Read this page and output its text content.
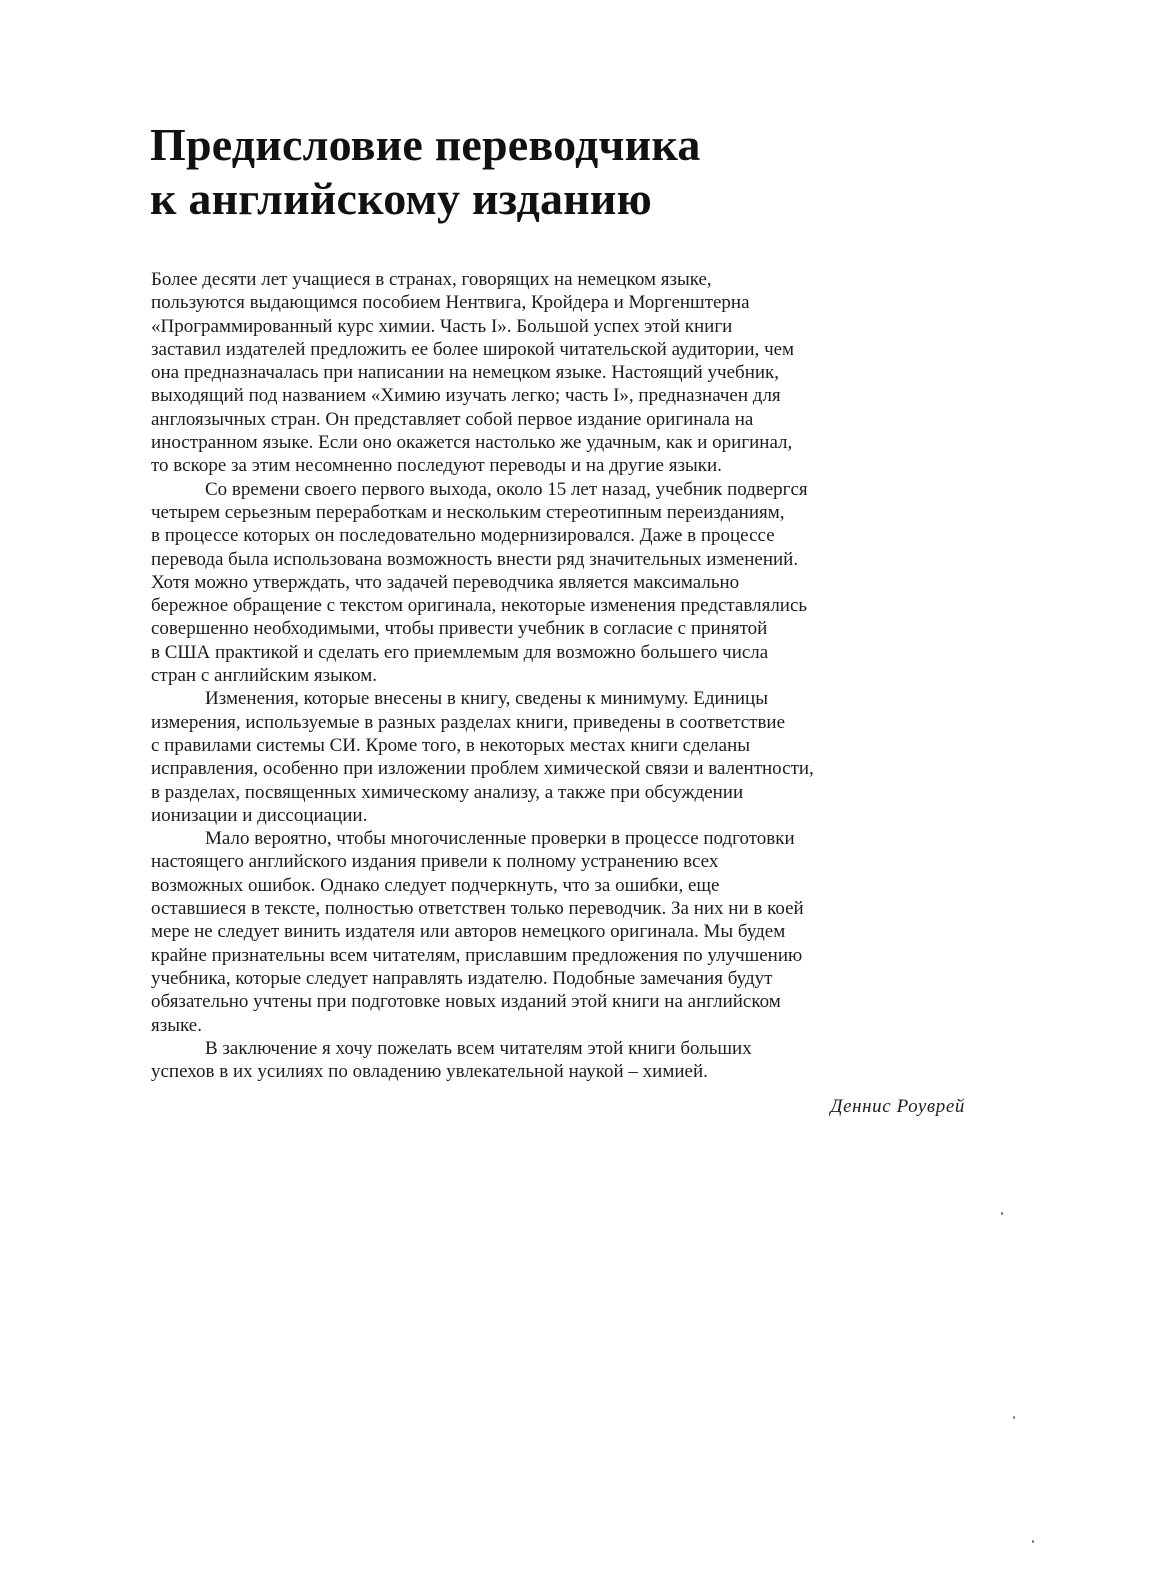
Предисловие переводчика
к английскому изданию
Более десяти лет учащиеся в странах, говорящих на немецком языке,
пользуются выдающимся пособием Нентвига, Кройдера и Моргенштерна
«Программированный курс химии. Часть I». Большой успех этой книги
заставил издателей предложить ее более широкой читательской аудитории, чем
она предназначалась при написании на немецком языке. Настоящий учебник,
выходящий под названием «Химию изучать легко; часть I», предназначен для
англоязычных стран. Он представляет собой первое издание оригинала на
иностранном языке. Если оно окажется настолько же удачным, как и оригинал,
то вскоре за этим несомненно последуют переводы и на другие языки.
Со времени своего первого выхода, около 15 лет назад, учебник подвергся
четырем серьезным переработкам и нескольким стереотипным переизданиям,
в процессе которых он последовательно модернизировался. Даже в процессе
перевода была использована возможность внести ряд значительных изменений.
Хотя можно утверждать, что задачей переводчика является максимально
бережное обращение с текстом оригинала, некоторые изменения представлялись
совершенно необходимыми, чтобы привести учебник в согласие с принятой
в США практикой и сделать его приемлемым для возможно большего числа
стран с английским языком.
Изменения, которые внесены в книгу, сведены к минимуму. Единицы
измерения, используемые в разных разделах книги, приведены в соответствие
с правилами системы СИ. Кроме того, в некоторых местах книги сделаны
исправления, особенно при изложении проблем химической связи и валентности,
в разделах, посвященных химическому анализу, а также при обсуждении
ионизации и диссоциации.
Мало вероятно, чтобы многочисленные проверки в процессе подготовки
настоящего английского издания привели к полному устранению всех
возможных ошибок. Однако следует подчеркнуть, что за ошибки, еще
оставшиеся в тексте, полностью ответствен только переводчик. За них ни в коей
мере не следует винить издателя или авторов немецкого оригинала. Мы будем
крайне признательны всем читателям, приславшим предложения по улучшению
учебника, которые следует направлять издателю. Подобные замечания будут
обязательно учтены при подготовке новых изданий этой книги на английском
языке.
В заключение я хочу пожелать всем читателям этой книги больших
успехов в их усилиях по овладению увлекательной наукой – химией.
Деннис Роуврей
